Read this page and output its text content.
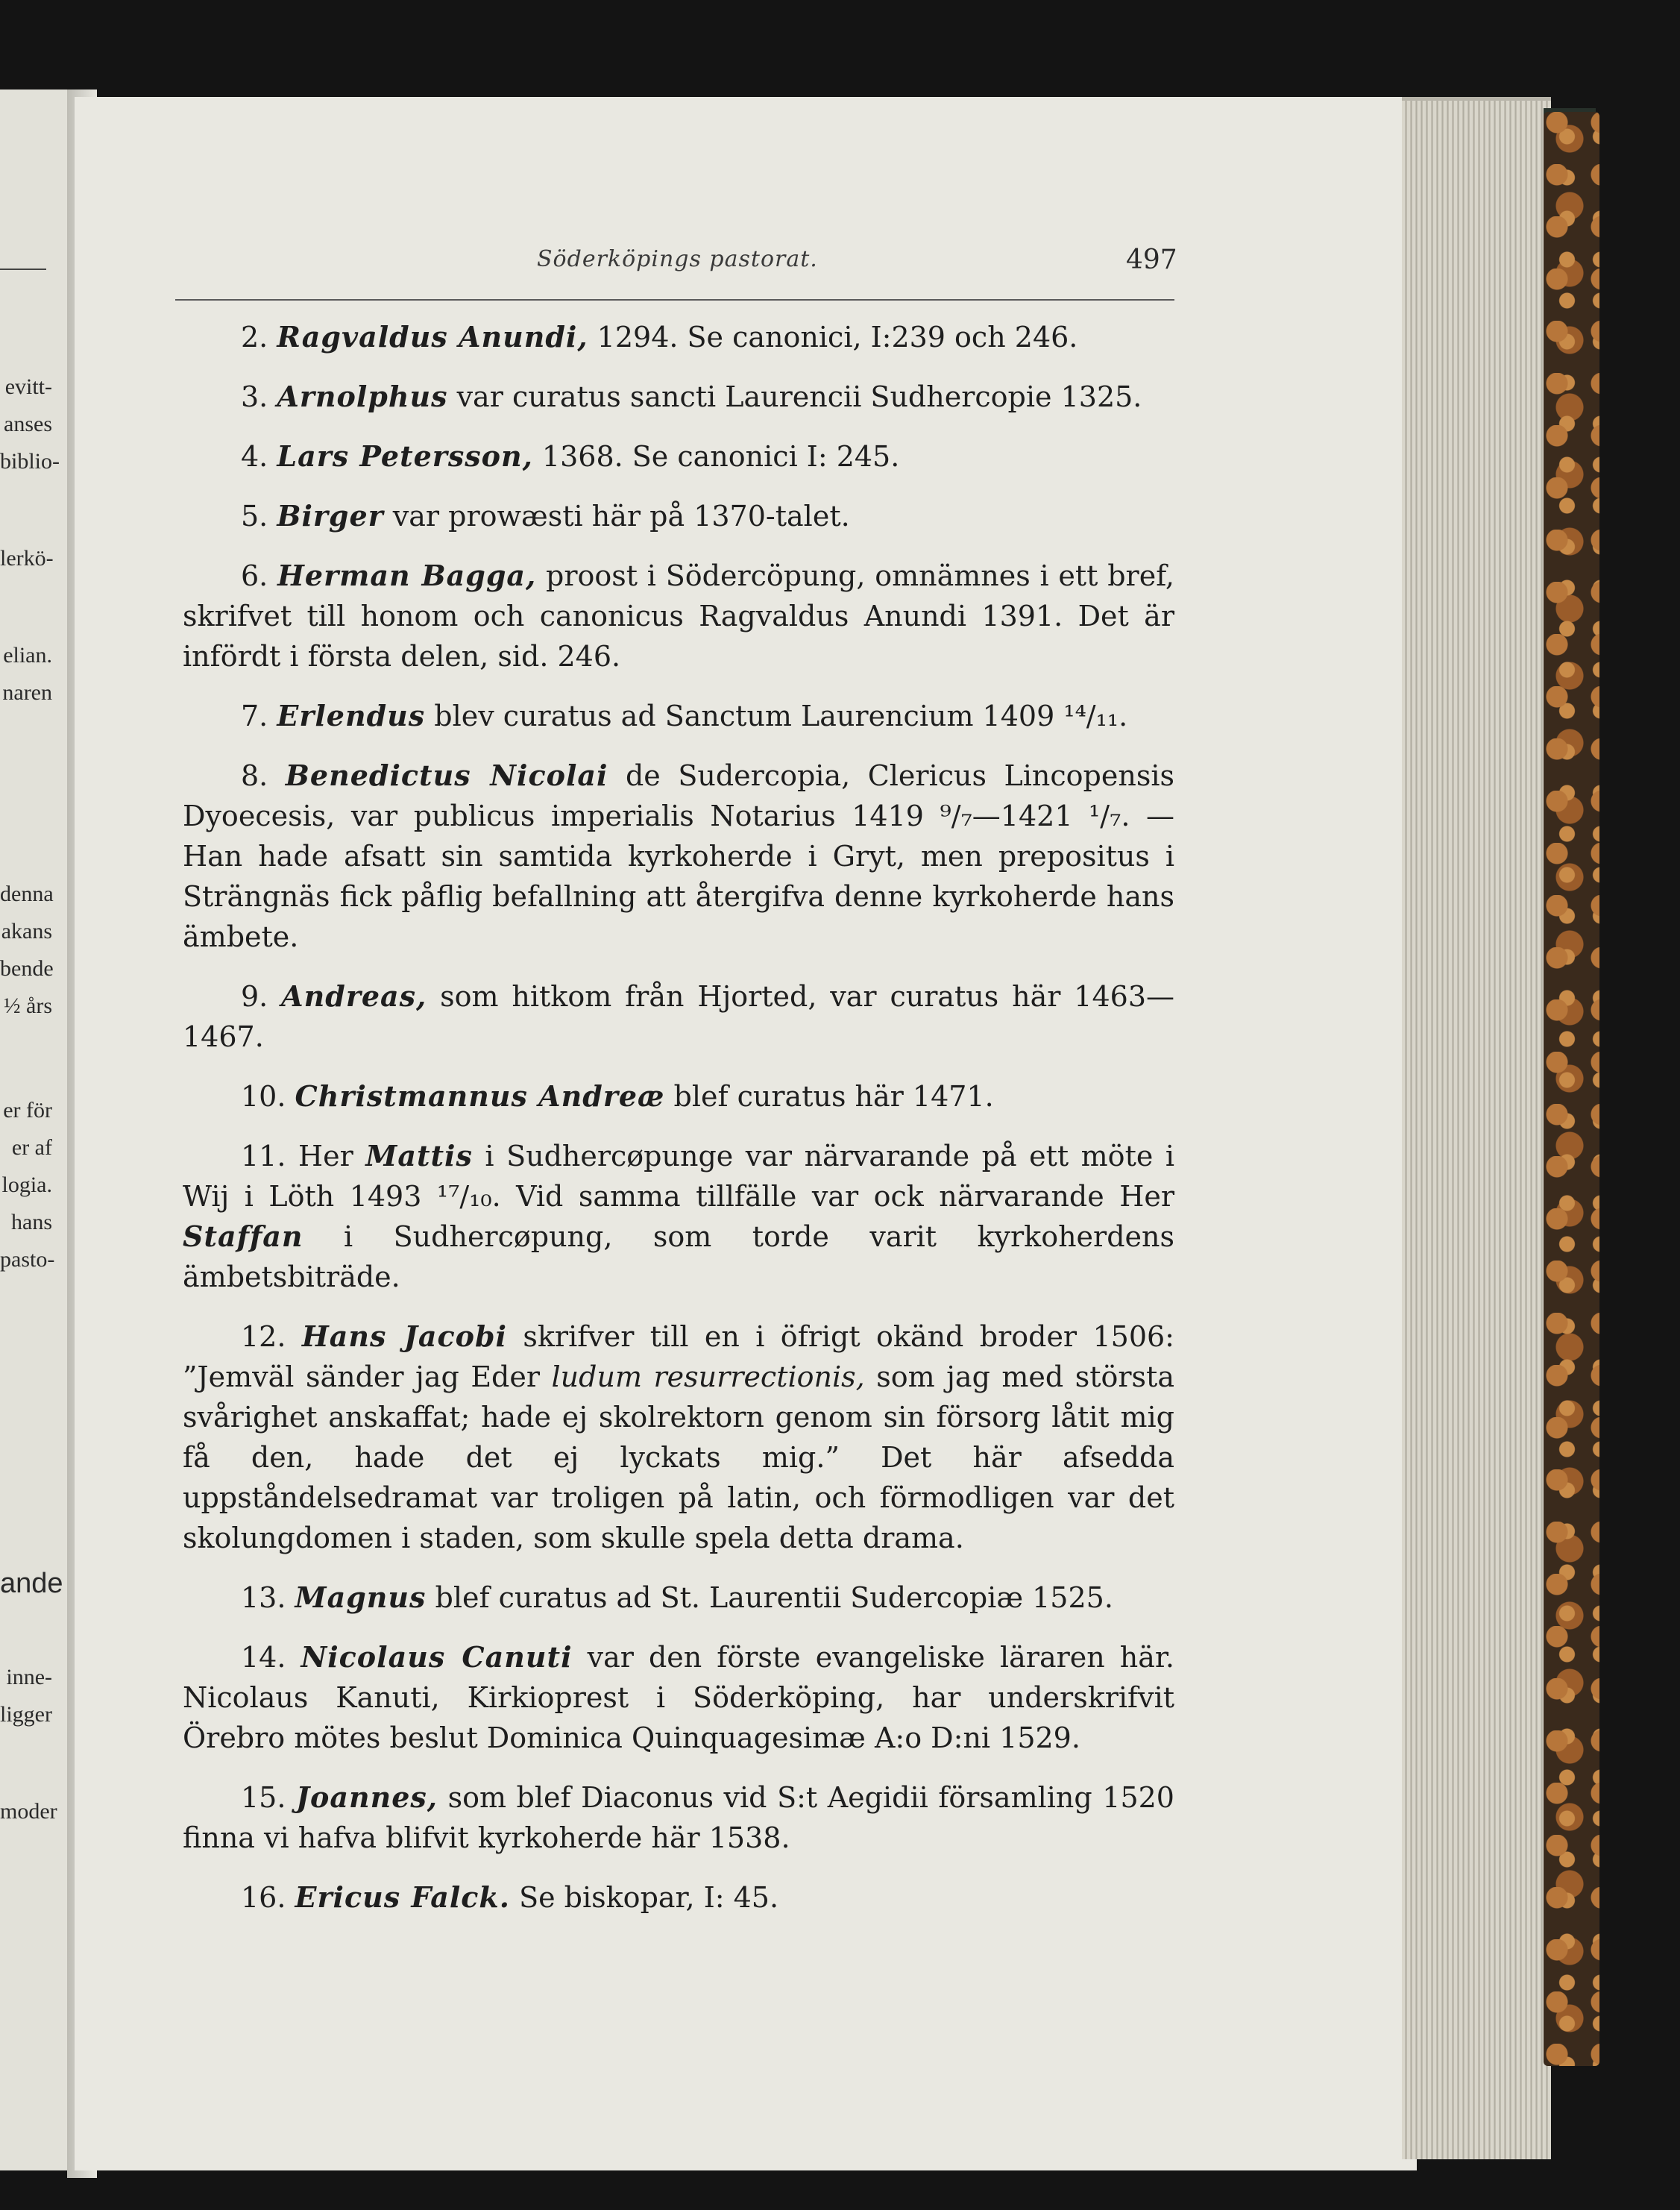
evitt-
anses
biblio-
lerkö-
elian.
naren
denna
akans
bende
½ års
er för
er af
logia.
hans
pasto-
ande
inne-
ligger
moder
Söderköpings pastorat.	497

2. Ragvaldus Anundi, 1294. Se canonici, I:239 och 246.

3. Arnolphus var curatus sancti Laurencii Sudhercopie 1325.

4. Lars Petersson, 1368. Se canonici I: 245.

5. Birger var prowæsti här på 1370-talet.

6. Herman Bagga, proost i Södercöpung, omnämnes i ett bref, skrifvet till honom och canonicus Ragvaldus Anundi 1391. Det är infördt i första delen, sid. 246.

7. Erlendus blev curatus ad Sanctum Laurencium 1409 ¹⁴/₁₁.

8. Benedictus Nicolai de Sudercopia, Clericus Lincopensis Dyoecesis, var publicus imperialis Notarius 1419 ⁹/₇—1421 ¹/₇. — Han hade afsatt sin samtida kyrkoherde i Gryt, men prepositus i Strängnäs fick påflig befallning att återgifva denne kyrkoherde hans ämbete.

9. Andreas, som hitkom från Hjorted, var curatus här 1463—1467.

10. Christmannus Andreæ blef curatus här 1471.

11. Her Mattis i Sudhercøpunge var närvarande på ett möte i Wij i Löth 1493 ¹⁷/₁₀. Vid samma tillfälle var ock närvarande Her Staffan i Sudhercøpung, som torde varit kyrkoherdens ämbetsbiträde.

12. Hans Jacobi skrifver till en i öfrigt okänd broder 1506: ”Jemväl sänder jag Eder ludum resurrectionis, som jag med största svårighet anskaffat; hade ej skolrektorn genom sin försorg låtit mig få den, hade det ej lyckats mig.” Det här afsedda uppståndelsedramat var troligen på latin, och förmodligen var det skolungdomen i staden, som skulle spela detta drama.

13. Magnus blef curatus ad St. Laurentii Sudercopiæ 1525.

14. Nicolaus Canuti var den förste evangeliske läraren här. Nicolaus Kanuti, Kirkioprest i Söderköping, har underskrifvit Örebro mötes beslut Dominica Quinquagesimæ A:o D:ni 1529.

15. Joannes, som blef Diaconus vid S:t Aegidii församling 1520 finna vi hafva blifvit kyrkoherde här 1538.

16. Ericus Falck. Se biskopar, I: 45.
